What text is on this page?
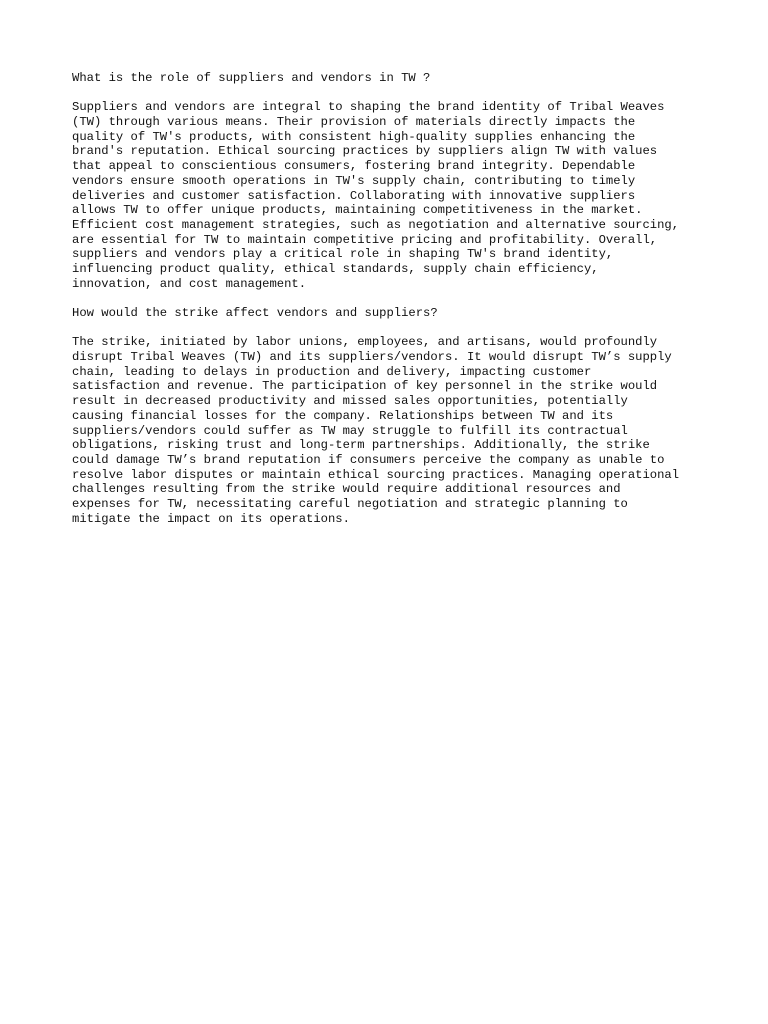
What is the role of suppliers and vendors in TW ?
Suppliers and vendors are integral to shaping the brand identity of Tribal Weaves
(TW) through various means. Their provision of materials directly impacts the
quality of TW's products, with consistent high-quality supplies enhancing the
brand's reputation. Ethical sourcing practices by suppliers align TW with values
that appeal to conscientious consumers, fostering brand integrity. Dependable
vendors ensure smooth operations in TW's supply chain, contributing to timely
deliveries and customer satisfaction. Collaborating with innovative suppliers
allows TW to offer unique products, maintaining competitiveness in the market.
Efficient cost management strategies, such as negotiation and alternative sourcing,
are essential for TW to maintain competitive pricing and profitability. Overall,
suppliers and vendors play a critical role in shaping TW's brand identity,
influencing product quality, ethical standards, supply chain efficiency,
innovation, and cost management.
How would the strike affect vendors and suppliers?
The strike, initiated by labor unions, employees, and artisans, would profoundly
disrupt Tribal Weaves (TW) and its suppliers/vendors. It would disrupt TW’s supply
chain, leading to delays in production and delivery, impacting customer
satisfaction and revenue. The participation of key personnel in the strike would
result in decreased productivity and missed sales opportunities, potentially
causing financial losses for the company. Relationships between TW and its
suppliers/vendors could suffer as TW may struggle to fulfill its contractual
obligations, risking trust and long-term partnerships. Additionally, the strike
could damage TW’s brand reputation if consumers perceive the company as unable to
resolve labor disputes or maintain ethical sourcing practices. Managing operational
challenges resulting from the strike would require additional resources and
expenses for TW, necessitating careful negotiation and strategic planning to
mitigate the impact on its operations.
